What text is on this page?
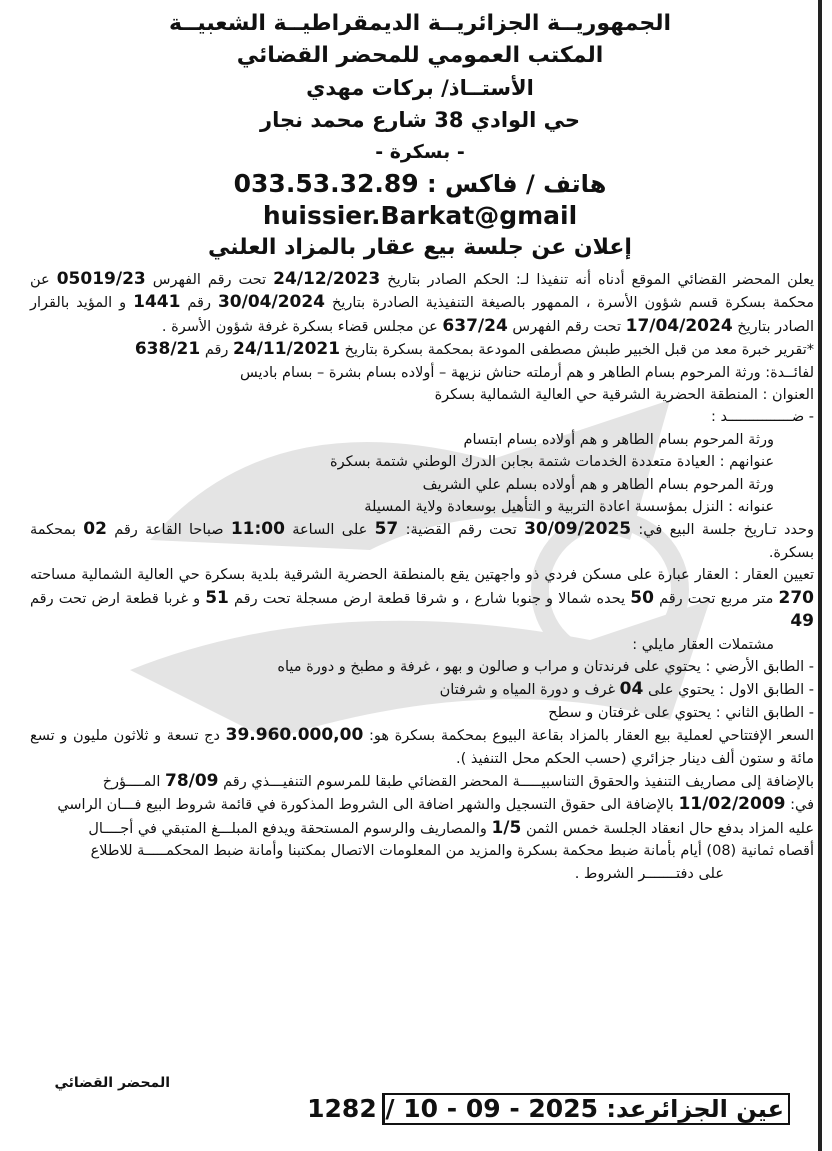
الجمهوريــة الجزائريــة الديمقراطيــة الشعبيــة
المكتب العمومي للمحضر القضائي
الأستــاذ/ بركات مهدي
حي الوادي 38 شارع محمد نجار
- بسكرة -
هاتف / فاكس : 033.53.32.89
huissier.Barkat@gmail
إعلان عن جلسة بيع عقار بالمزاد العلني

يعلن المحضر القضائي الموقع أدناه أنه تنفيذا لـ: الحكم الصادر بتاريخ 24/12/2023 تحت رقم الفهرس 05019/23 عن محكمة بسكرة قسم شؤون الأسرة ، الممهور بالصيغة التنفيذية الصادرة بتاريخ 30/04/2024 رقم 1441 و المؤيد بالقرار الصادر بتاريخ 17/04/2024 تحت رقم الفهرس 637/24 عن مجلس قضاء بسكرة غرفة شؤون الأسرة .

*تقرير خبرة معد من قبل الخبير طبش مصطفى المودعة بمحكمة بسكرة بتاريخ 24/11/2021 رقم 638/21

لفائــدة: ورثة المرحوم بسام الطاهر و هم أرملته حناش نزيهة – أولاده بسام بشرة – بسام باديس

العنوان : المنطقة الحضرية الشرقية حي العالية الشمالية بسكرة

- ضـــــــــــــــد :

ورثة المرحوم بسام الطاهر و هم أولاده بسام ابتسام

عنوانهم : العيادة متعددة الخدمات شتمة بجابن الدرك الوطني شتمة بسكرة

ورثة المرحوم بسام الطاهر و هم أولاده بسلم علي الشريف

عنوانه : النزل بمؤسسة اعادة التربية و التأهيل بوسعادة ولاية المسيلة

وحدد تـاريخ جلسة البيع في: 30/09/2025 تحت رقم القضية: 57 على الساعة 11:00 صباحا القاعة رقم 02 بمحكمة بسكرة.

تعيين العقار : العقار عبارة على مسكن فردي ذو واجهتين يقع بالمنطقة الحضرية الشرقية بلدية بسكرة حي العالية الشمالية مساحته 270 متر مربع تحت رقم 50 يحده شمالا و جنوبا شارع ، و شرقا قطعة ارض مسجلة تحت رقم 51 و غربا قطعة ارض تحت رقم 49

مشتملات العقار مايلي :

- الطابق الأرضي : يحتوي على فرندتان و مراب و صالون و بهو ، غرفة و مطبخ و دورة مياه

- الطابق الاول : يحتوي على 04 غرف و دورة المياه و شرفتان

- الطابق الثاني : يحتوي على غرفتان و سطح

السعر الإفتتاحي لعملية بيع العقار بالمزاد بقاعة البيوع بمحكمة بسكرة هو: 39.960.000,00 دج تسعة و ثلاثون مليون و تسع مائة و ستون ألف دينار جزائري (حسب الحكم محل التنفيذ ).

بالإضافة إلى مصاريف التنفيذ والحقوق التناسبيـــــة المحضر القضائي طبقا للمرسوم التنفيـــذي رقم 78/09 المــــؤرخ

في: 11/02/2009 بالإضافة الى حقوق التسجيل والشهر اضافة الى الشروط المذكورة في قائمة شروط البيع فـــان الراسي

عليه المزاد بدفع حال انعقاد الجلسة خمس الثمن 1/5 والمصاريف والرسوم المستحقة ويدفع المبلـــغ المتبقي في أجــــال

أقصاه ثمانية (08) أيام بأمانة ضبط محكمة بسكرة والمزيد من المعلومات الاتصال بمكتبنا وأمانة ضبط المحكمـــــة للاطلاع

على دفتـــــــر الشروط .

المحضر القضائي
عين الجزائرعد: 1282 / 10 - 09 - 2025
